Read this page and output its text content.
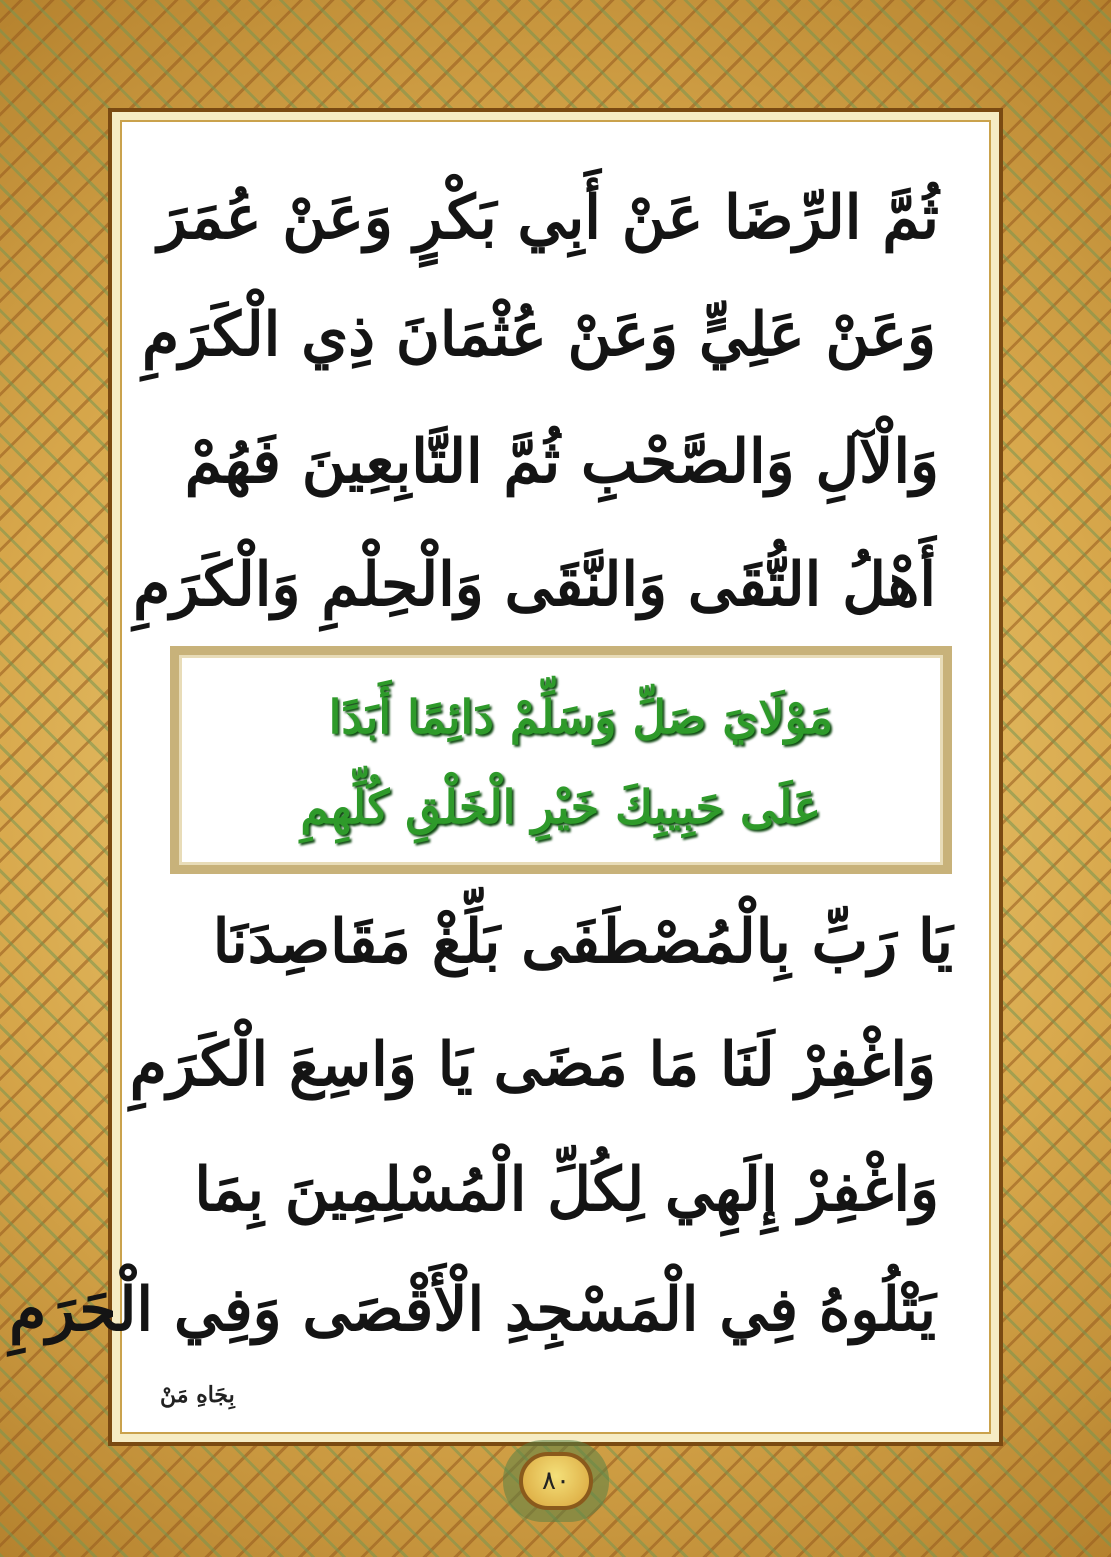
ثُمَّ الرِّضَا عَنْ أَبِي بَكْرٍ وَعَنْ عُمَرَ
وَعَنْ عَلِيٍّ وَعَنْ عُثْمَانَ ذِي الْكَرَمِ
وَالْآلِ وَالصَّحْبِ ثُمَّ التَّابِعِينَ فَهُمْ
أَهْلُ التُّقَى وَالنَّقَى وَالْحِلْمِ وَالْكَرَمِ
مَوْلَايَ صَلِّ وَسَلِّمْ دَائِمًا أَبَدًا
عَلَى حَبِيبِكَ خَيْرِ الْخَلْقِ كُلِّهِمِ
يَا رَبِّ بِالْمُصْطَفَى بَلِّغْ مَقَاصِدَنَا
وَاغْفِرْ لَنَا مَا مَضَى يَا وَاسِعَ الْكَرَمِ
وَاغْفِرْ إِلَهِي لِكُلِّ الْمُسْلِمِينَ بِمَا
يَتْلُوهُ فِي الْمَسْجِدِ الْأَقْصَى وَفِي الْحَرَمِ
بِجَاهِ مَنْ
٨٠
